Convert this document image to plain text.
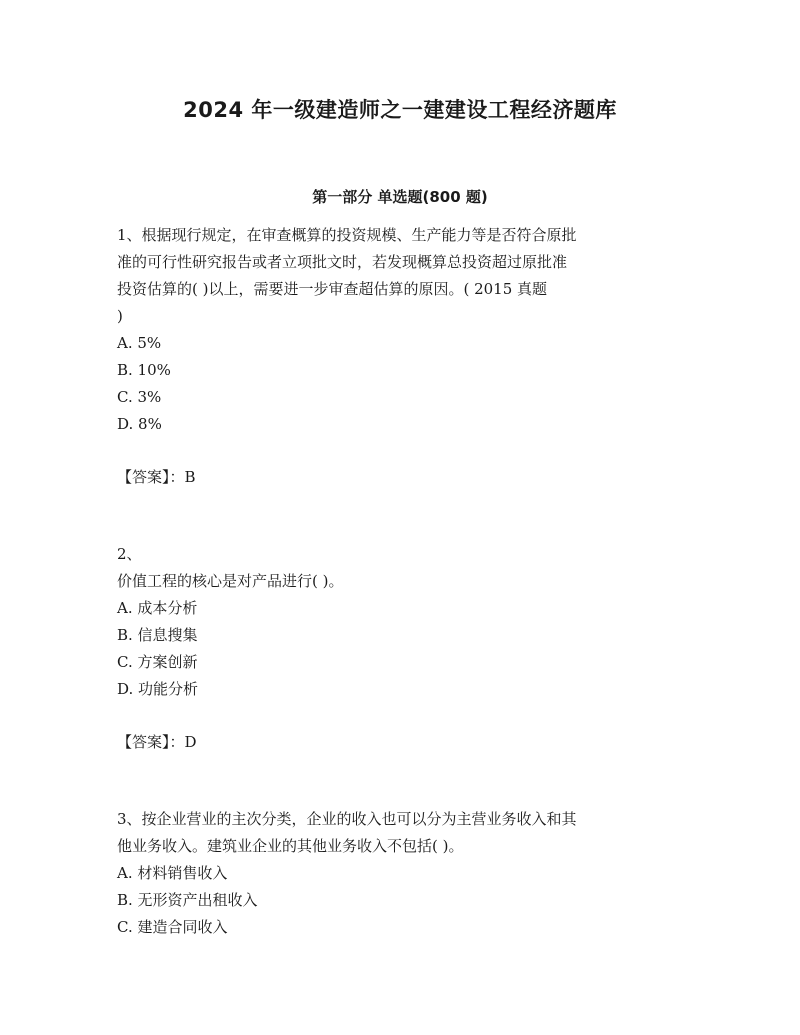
2024 年一级建造师之一建建设工程经济题库
第一部分 单选题(800 题)
1、根据现行规定，在审查概算的投资规模、生产能力等是否符合原批
准的可行性研究报告或者立项批文时，若发现概算总投资超过原批准
投资估算的( )以上，需要进一步审查超估算的原因。( 2015 真题
)
A. 5%
B. 10%
C. 3%
D. 8%
【答案】：B
2、
价值工程的核心是对产品进行( )。
A. 成本分析
B. 信息搜集
C. 方案创新
D. 功能分析
【答案】：D
3、按企业营业的主次分类，企业的收入也可以分为主营业务收入和其
他业务收入。建筑业企业的其他业务收入不包括( )。
A. 材料销售收入
B. 无形资产出租收入
C. 建造合同收入
